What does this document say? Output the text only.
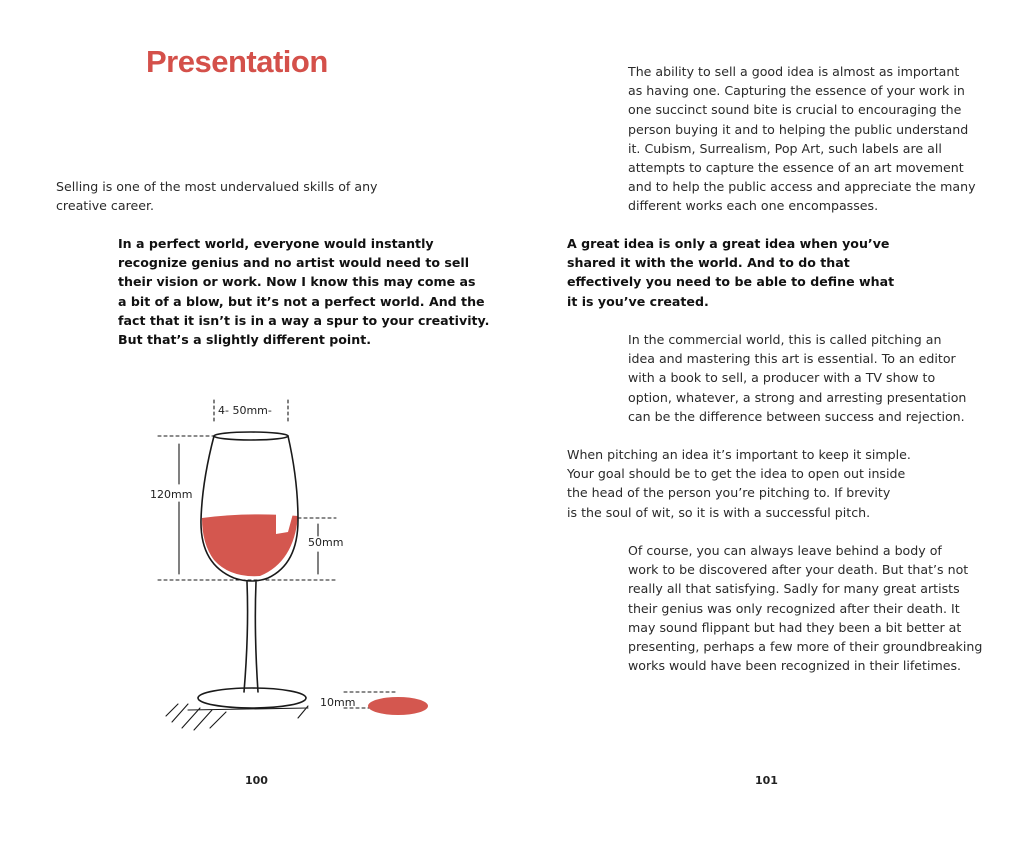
Presentation

Selling is one of the most undervalued skills of any
creative career.

In a perfect world, everyone would instantly
recognize genius and no artist would need to sell
their vision or work. Now I know this may come as
a bit of a blow, but it’s not a perfect world. And the
fact that it isn’t is in a way a spur to your creativity.
But that’s a slightly different point.

4- 50mm-
120mm
50mm
10mm

100

The ability to sell a good idea is almost as important
as having one. Capturing the essence of your work in
one succinct sound bite is crucial to encouraging the
person buying it and to helping the public understand
it. Cubism, Surrealism, Pop Art, such labels are all
attempts to capture the essence of an art movement
and to help the public access and appreciate the many
different works each one encompasses.

A great idea is only a great idea when you’ve
shared it with the world. And to do that
effectively you need to be able to define what
it is you’ve created.

In the commercial world, this is called pitching an
idea and mastering this art is essential. To an editor
with a book to sell, a producer with a TV show to
option, whatever, a strong and arresting presentation
can be the difference between success and rejection.

When pitching an idea it’s important to keep it simple.
Your goal should be to get the idea to open out inside
the head of the person you’re pitching to. If brevity
is the soul of wit, so it is with a successful pitch.

Of course, you can always leave behind a body of
work to be discovered after your death. But that’s not
really all that satisfying. Sadly for many great artists
their genius was only recognized after their death. It
may sound flippant but had they been a bit better at
presenting, perhaps a few more of their groundbreaking
works would have been recognized in their lifetimes.

101
